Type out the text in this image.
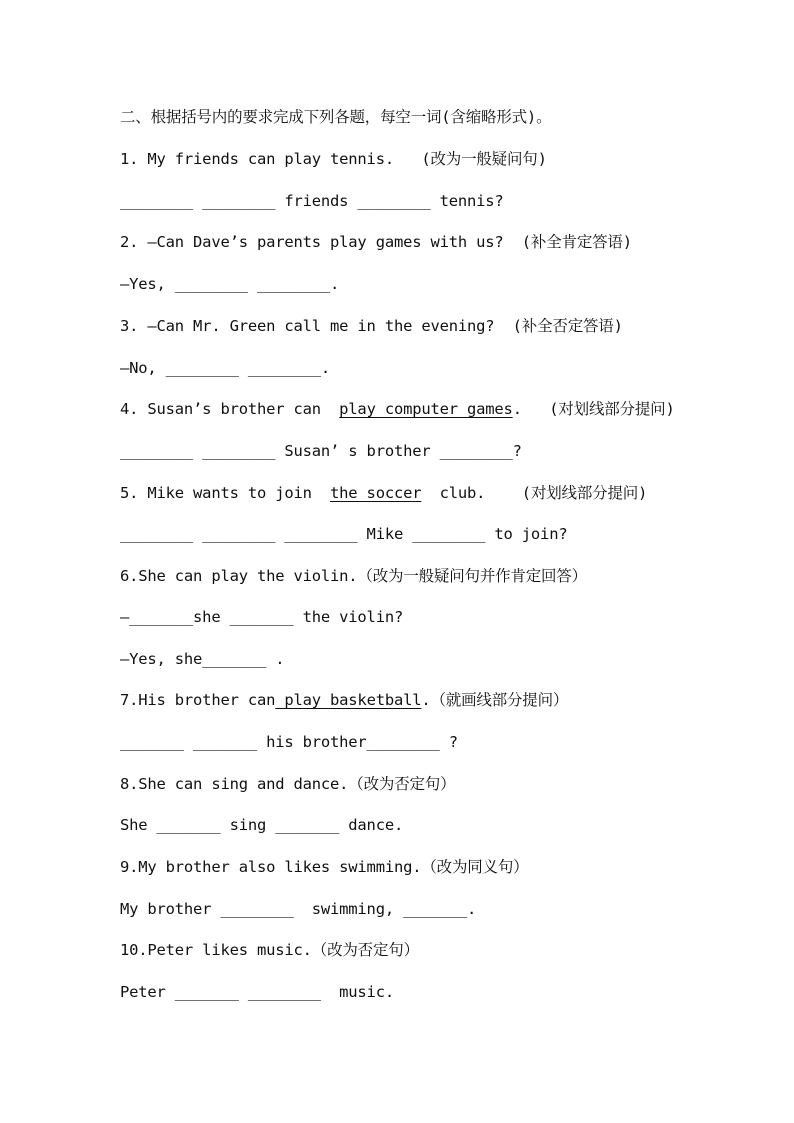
二、根据括号内的要求完成下列各题，每空一词(含缩略形式)。
1. My friends can play tennis.   (改为一般疑问句)
________ ________ friends ________ tennis?
2. —Can Dave’s parents play games with us?  (补全肯定答语)
—Yes, ________ ________.
3. —Can Mr. Green call me in the evening?  (补全否定答语)
—No, ________ ________.
4. Susan’s brother can  play computer games.   (对划线部分提问)
________ ________ Susan’ s brother ________?
5. Mike wants to join  the soccer  club.    (对划线部分提问)
________ ________ ________ Mike ________ to join?
6.She can play the violin.（改为一般疑问句并作肯定回答）
—_______she _______ the violin?
—Yes, she_______ .
7.His brother can play basketball.（就画线部分提问）
_______ _______ his brother________ ?
8.She can sing and dance.（改为否定句）
She _______ sing _______ dance.
9.My brother also likes swimming.（改为同义句）
My brother ________  swimming, _______.
10.Peter likes music.（改为否定句）
Peter _______ ________  music.
